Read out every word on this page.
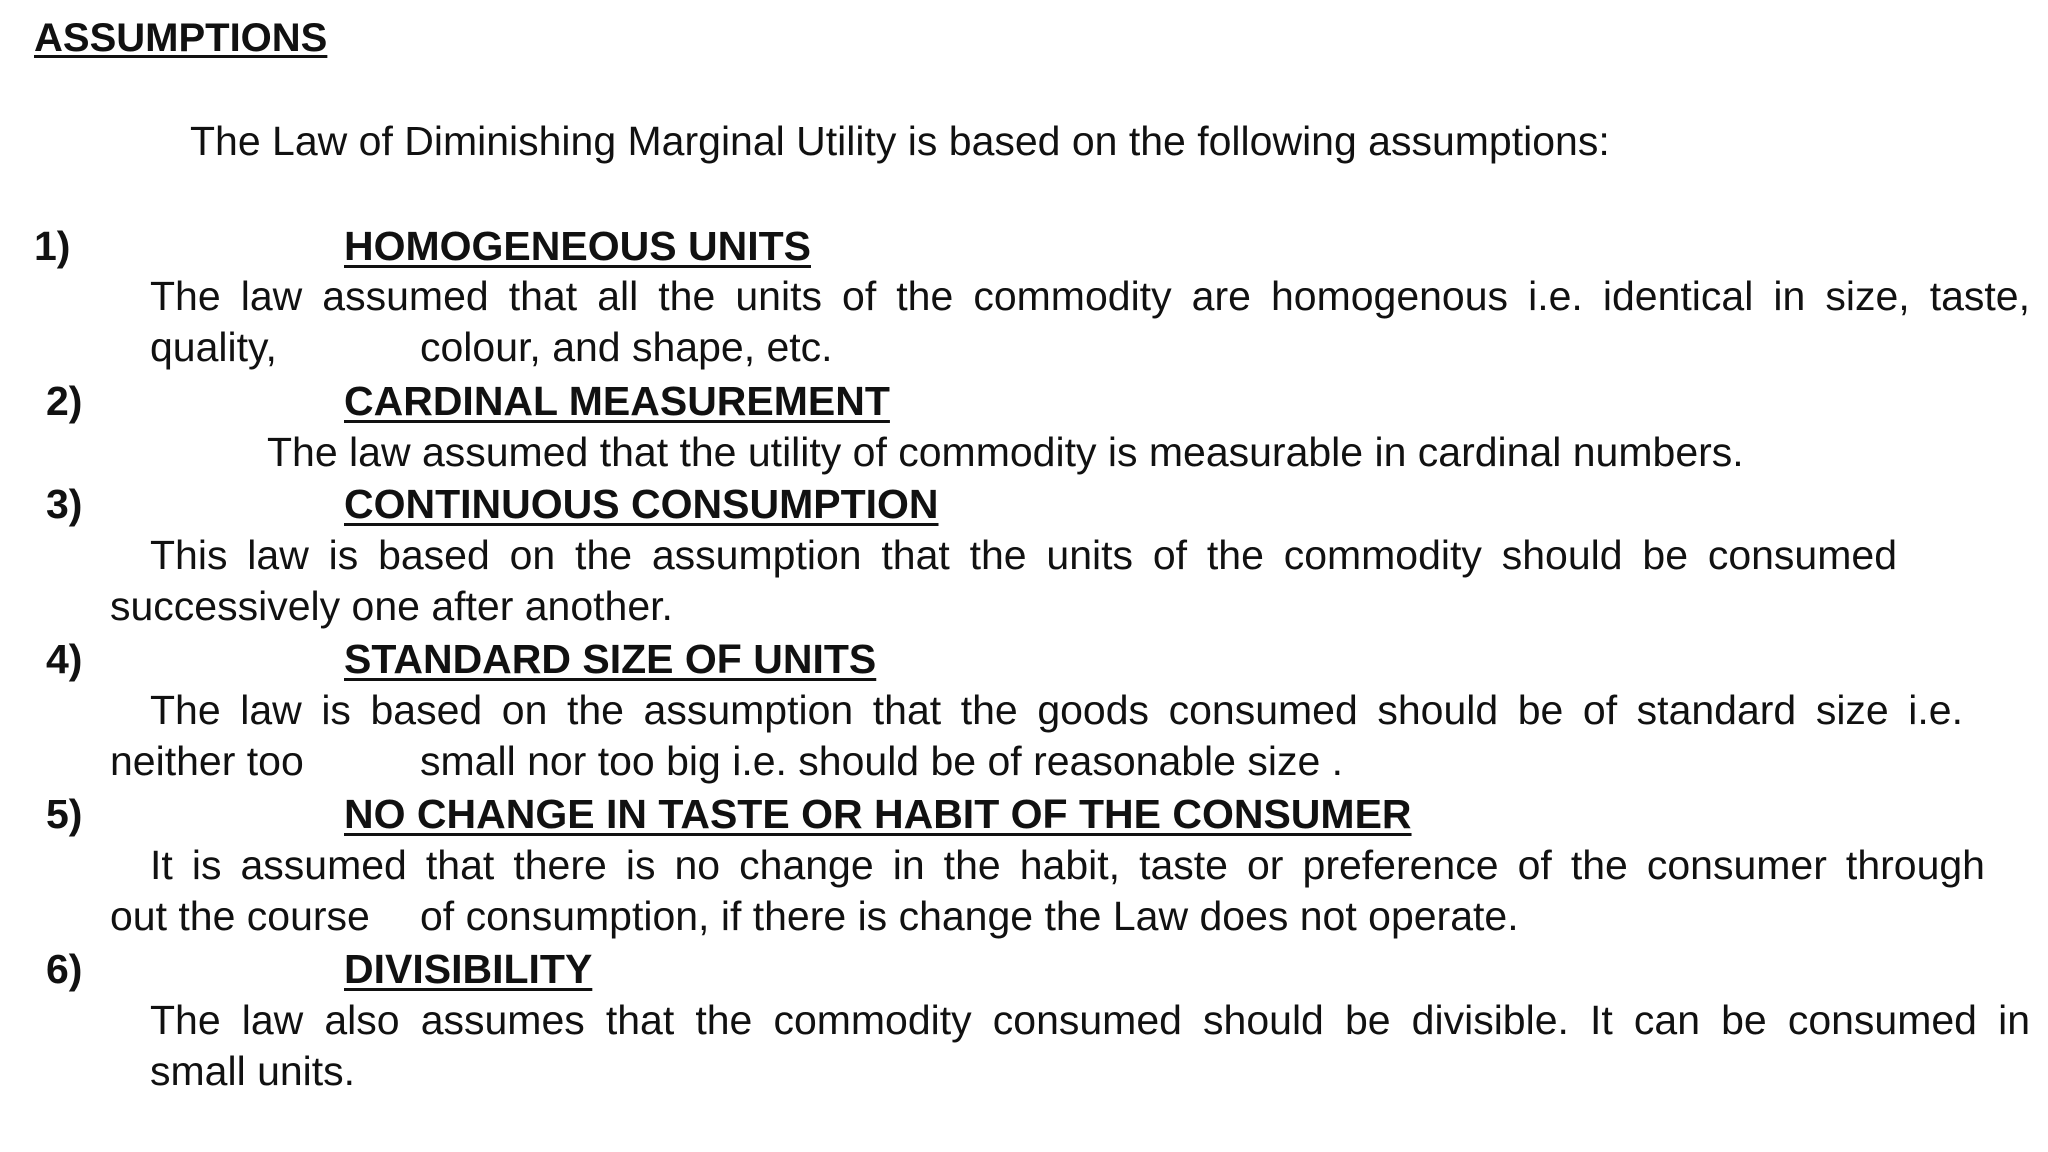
ASSUMPTIONS
The Law of Diminishing Marginal Utility is based on the following assumptions:
1)	HOMOGENEOUS UNITS
The law assumed that all the units of the commodity are homogenous i.e. identical in size, taste,
quality,	colour, and shape, etc.
2)	CARDINAL MEASUREMENT
The law assumed that the utility of commodity is measurable in cardinal numbers.
3)	CONTINUOUS CONSUMPTION
This law is based on the assumption that the units of the commodity should be consumed
successively one after another.
4)	STANDARD SIZE OF UNITS
The law is based on the assumption that the goods consumed should be of standard size i.e.
neither too	small nor too big i.e. should be of reasonable size .
5)	NO CHANGE IN TASTE OR HABIT OF THE CONSUMER
It is assumed that there is no change in the habit, taste or preference of the consumer through
out the course of consumption, if there is change the Law does not operate.
6)	DIVISIBILITY
The law also assumes that the commodity consumed should be divisible. It can be consumed in
small units.
